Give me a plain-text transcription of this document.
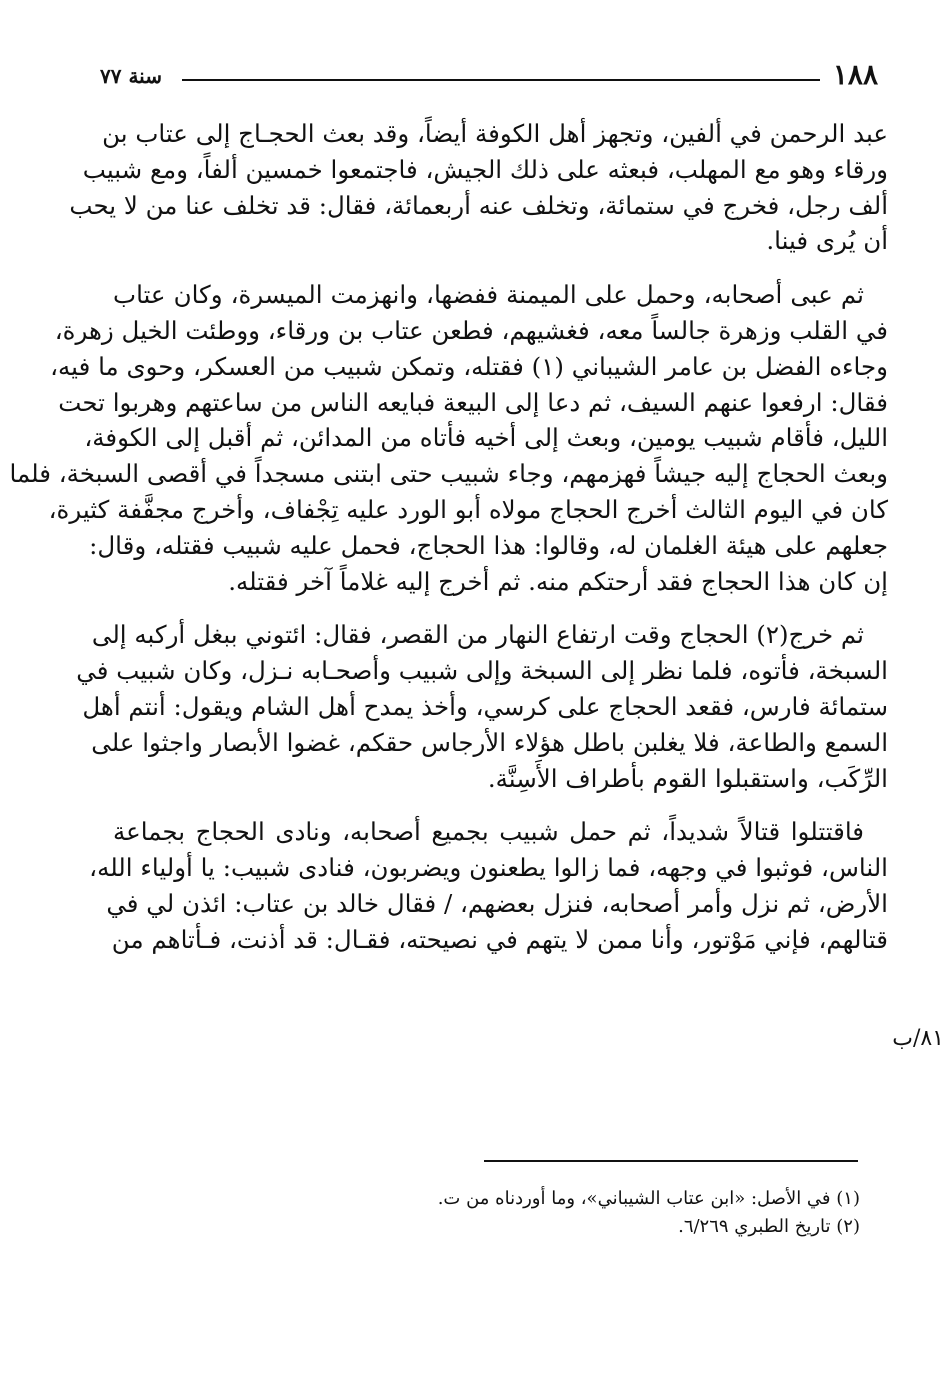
١٨٨
سنة ٧٧
عبد الرحمن في ألفين، وتجهز أهل الكوفة أيضاً، وقد بعث الحجـاج إلى عتاب بن
ورقاء وهو مع المهلب، فبعثه على ذلك الجيش، فاجتمعوا خمسين ألفاً، ومع شبيب
ألف رجل، فخرج في ستمائة، وتخلف عنه أربعمائة، فقال: قد تخلف عنا من لا يحب
أن يُرى فينا.
ثم عبى أصحابه، وحمل على الميمنة ففضها، وانهزمت الميسرة، وكان عتاب
في القلب وزهرة جالساً معه، فغشيهم، فطعن عتاب بن ورقاء، ووطئت الخيل زهرة،
وجاءه الفضل بن عامر الشيباني (١) فقتله، وتمكن شبيب من العسكر، وحوى ما فيه،
فقال: ارفعوا عنهم السيف، ثم دعا إلى البيعة فبايعه الناس من ساعتهم وهربوا تحت
الليل، فأقام شبيب يومين، وبعث إلى أخيه فأتاه من المدائن، ثم أقبل إلى الكوفة،
وبعث الحجاج إليه جيشاً فهزمهم، وجاء شبيب حتى ابتنى مسجداً في أقصى السبخة، فلما
كان في اليوم الثالث أخرج الحجاج مولاه أبو الورد عليه تِجْفاف، وأخرج مجفَّفة كثيرة،
جعلهم على هيئة الغلمان له، وقالوا: هذا الحجاج، فحمل عليه شبيب فقتله، وقال:
إن كان هذا الحجاج فقد أرحتكم منه. ثم أخرج إليه غلاماً آخر فقتله.
ثم خرج(٢) الحجاج وقت ارتفاع النهار من القصر، فقال: ائتوني ببغل أركبه إلى
السبخة، فأتوه، فلما نظر إلى السبخة وإلى شبيب وأصحـابه نـزل، وكان شبيب في
ستمائة فارس، فقعد الحجاج على كرسي، وأخذ يمدح أهل الشام ويقول: أنتم أهل
السمع والطاعة، فلا يغلبن باطل هؤلاء الأرجاس حقكم، غضوا الأبصار واجثوا على
الرِّكَب، واستقبلوا القوم بأطراف الأَسِنَّة.
فاقتتلوا قتالاً شديداً، ثم حمل شبيب بجميع أصحابه، ونادى الحجاج بجماعة
الناس، فوثبوا في وجهه، فما زالوا يطعنون ويضربون، فنادى شبيب: يا أولياء الله،
الأرض، ثم نزل وأمر أصحابه، فنزل بعضهم، / فقال خالد بن عتاب: ائذن لي في
قتالهم، فإني مَوْتور، وأنا ممن لا يتهم في نصيحته، فقـال: قد أذنت، فـأتاهم من
٨١/ب
(١) في الأصل: «ابن عتاب الشيباني»، وما أوردناه من ت.
(٢) تاريخ الطبري ٦/٢٦٩.
